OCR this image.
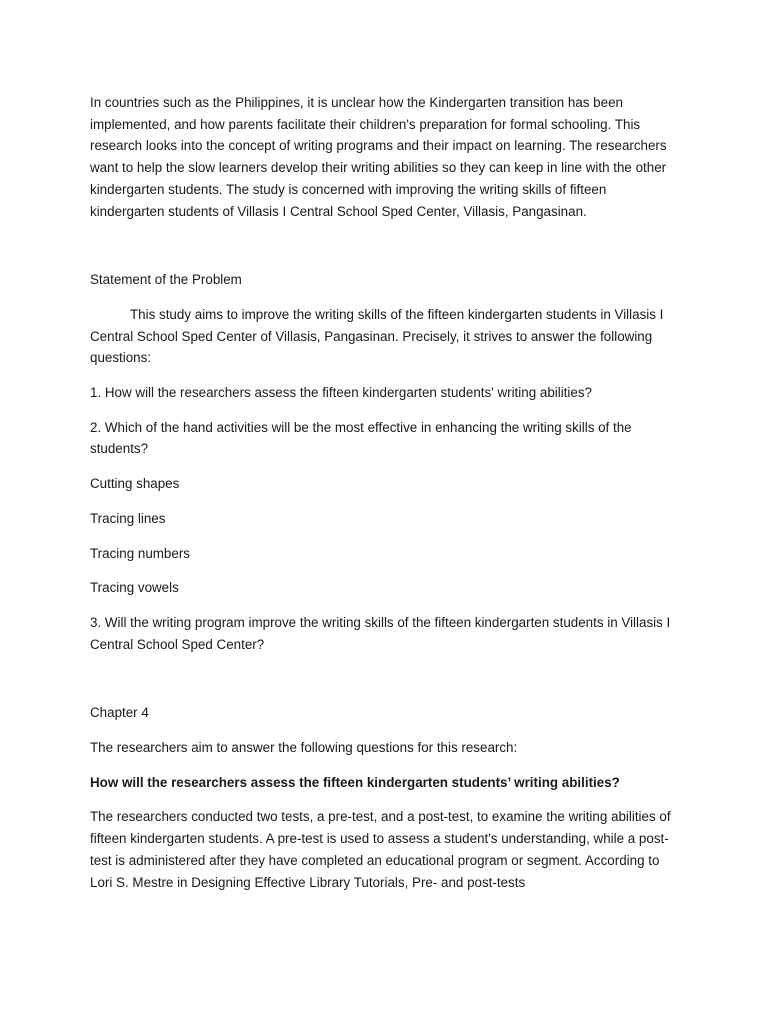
In countries such as the Philippines, it is unclear how the Kindergarten transition has been implemented, and how parents facilitate their children's preparation for formal schooling. This research looks into the concept of writing programs and their impact on learning. The researchers want to help the slow learners develop their writing abilities so they can keep in line with the other kindergarten students. The study is concerned with improving the writing skills of fifteen kindergarten students of Villasis I Central School Sped Center, Villasis, Pangasinan.

Statement of the Problem

This study aims to improve the writing skills of the fifteen kindergarten students in Villasis I Central School Sped Center of Villasis, Pangasinan. Precisely, it strives to answer the following questions:

1. How will the researchers assess the fifteen kindergarten students' writing abilities?

2. Which of the hand activities will be the most effective in enhancing the writing skills of the students?

Cutting shapes

Tracing lines

Tracing numbers

Tracing vowels

3. Will the writing program improve the writing skills of the fifteen kindergarten students in Villasis I Central School Sped Center?

Chapter 4

The researchers aim to answer the following questions for this research:

How will the researchers assess the fifteen kindergarten students’ writing abilities?

The researchers conducted two tests, a pre-test, and a post-test, to examine the writing abilities of fifteen kindergarten students. A pre-test is used to assess a student's understanding, while a post-test is administered after they have completed an educational program or segment. According to Lori S. Mestre in Designing Effective Library Tutorials, Pre- and post-tests
